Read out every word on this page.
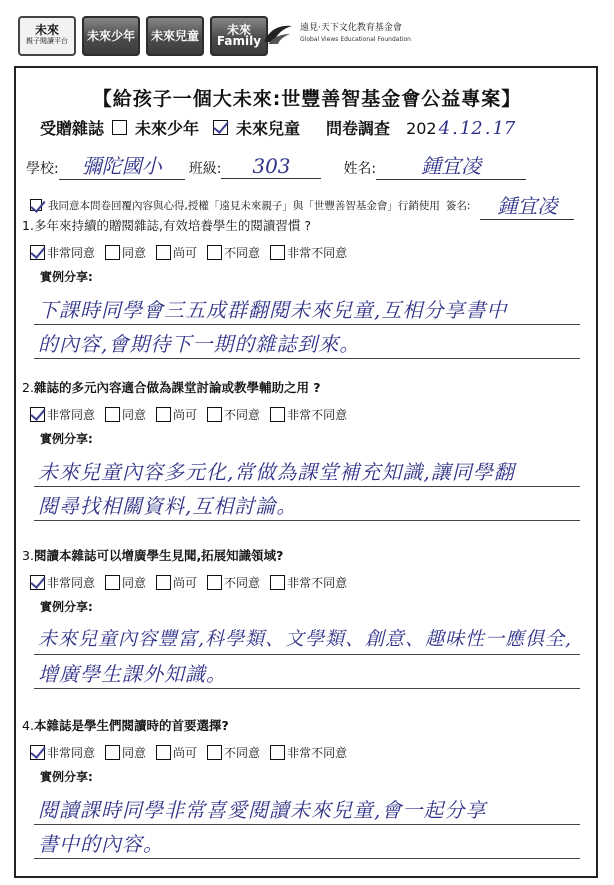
未來
親子閱讀平台 未來少年 未來兒童	未來Family
遠見·天下文化教育基金會
Global Views Educational Foundation
【給孩子一個大未來:世豐善智基金會公益專案】
受贈雜誌 未來少年 未來兒童 問卷調查 202 4 . 12 . 17
學校:	彌陀國小	班級:	303	姓名:	鍾宜凌
我同意本問卷回覆內容與心得,授權「遠見未來親子」與「世豐善智基金會」行銷使用 簽名:	鍾宜凌
1.多年來持續的贈閱雜誌,有效培養學生的閱讀習慣 ?
非常同意 同意 尚可 不同意 非常不同意
實例分享:
下課時同學會三五成群翻閱未來兒童,互相分享書中
的內容,會期待下一期的雜誌到來。
2.雜誌的多元內容適合做為課堂討論或教學輔助之用 ?
非常同意 同意 尚可 不同意 非常不同意
實例分享:
未來兒童內容多元化,常做為課堂補充知識,讓同學翻
閱尋找相關資料,互相討論。
3.閱讀本雜誌可以增廣學生見聞,拓展知識領域?
非常同意 同意 尚可 不同意 非常不同意
實例分享:
未來兒童內容豐富,科學類、文學類、創意、趣味性一應俱全,
增廣學生課外知識。
4.本雜誌是學生們閱讀時的首要選擇?
非常同意 同意 尚可 不同意 非常不同意
實例分享:
閱讀課時同學非常喜愛閱讀未來兒童,會一起分享
書中的內容。
